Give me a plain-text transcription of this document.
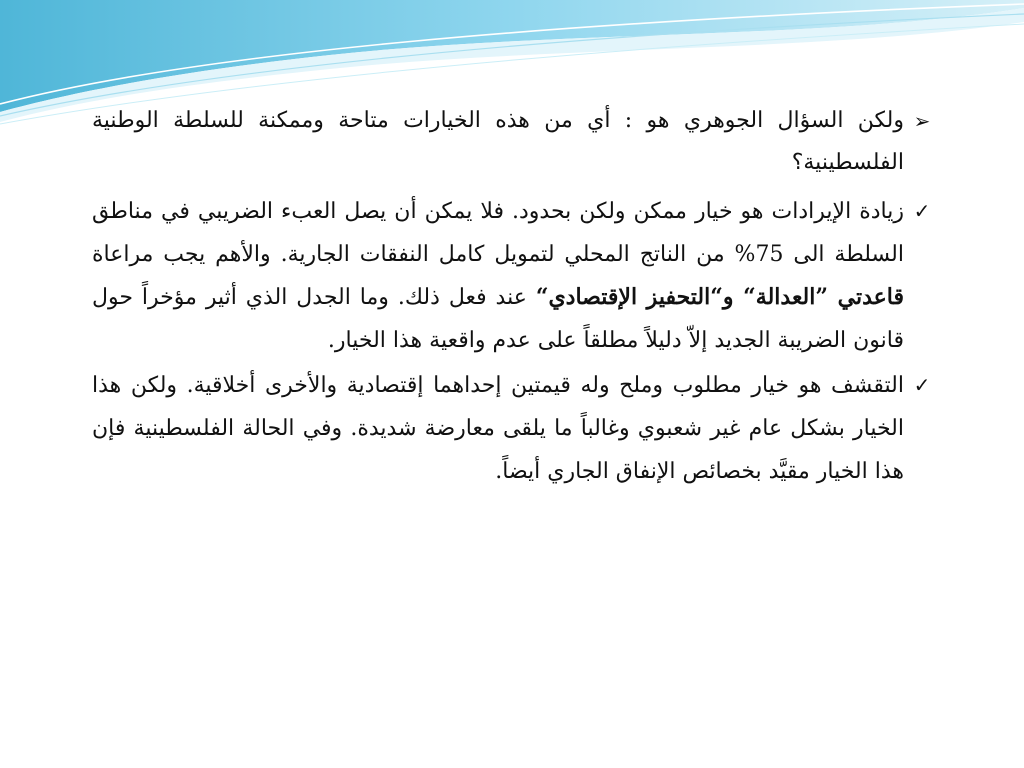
➢
ولكن السؤال الجوهري هو : أي من هذه الخيارات متاحة وممكنة للسلطة الوطنية الفلسطينية؟
✓
زيادة الإيرادات هو خيار ممكن ولكن بحدود. فلا يمكن أن يصل العبء الضريبي في مناطق السلطة الى 75% من الناتج المحلي لتمويل كامل النفقات الجارية. والأهم يجب مراعاة قاعدتي ”العدالة“ و“التحفيز الإقتصادي“ عند فعل ذلك. وما الجدل الذي أثير مؤخراً حول قانون الضريبة الجديد إلاّ دليلاً مطلقاً على عدم واقعية هذا الخيار.
✓
التقشف هو خيار مطلوب وملح وله قيمتين إحداهما إقتصادية والأخرى أخلاقية. ولكن هذا الخيار بشكل عام غير شعبوي وغالباً ما يلقى معارضة شديدة. وفي الحالة الفلسطينية فإن هذا الخيار مقيَّد بخصائص الإنفاق الجاري أيضاً.
